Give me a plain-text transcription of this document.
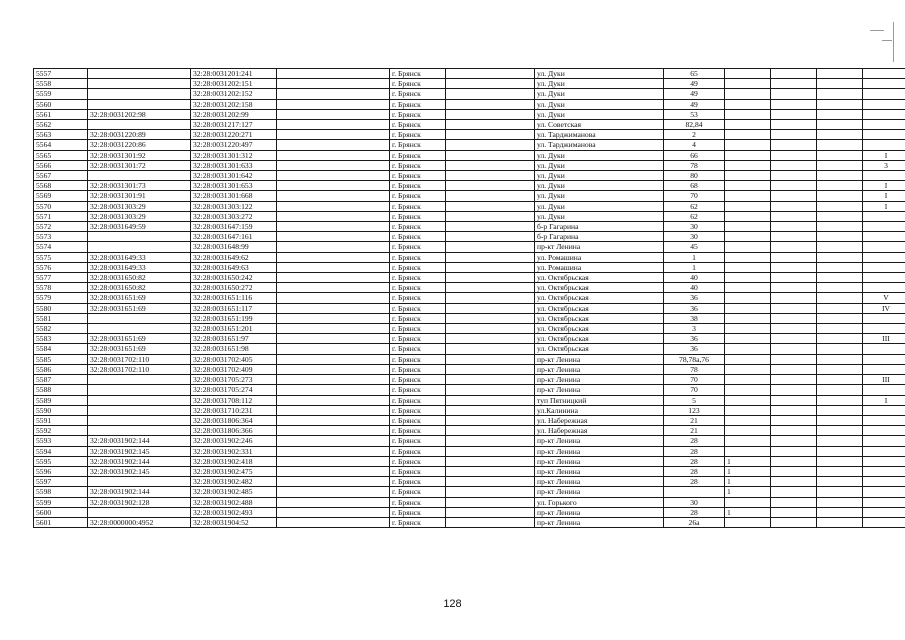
5557		32:28:0031201:241		г. Брянск		ул. Дуки	65				
5558		32:28:0031202:151		г. Брянск		ул. Дуки	49				
5559		32:28:0031202:152		г. Брянск		ул. Дуки	49				
5560		32:28:0031202:158		г. Брянск		ул. Дуки	49				
5561	32:28:0031202:98	32:28:0031202:99		г. Брянск		ул. Дуки	53				
5562		32:28:0031217:127		г. Брянск		ул. Советская	82,84				
5563	32:28:0031220:89	32:28:0031220:271		г. Брянск		ул. Тарджиманова	2				
5564	32:28:0031220:86	32:28:0031220:497		г. Брянск		ул. Тарджиманова	4				
5565	32:28:0031301:92	32:28:0031301:312		г. Брянск		ул. Дуки	66				I
5566	32:28:0031301:72	32:28:0031301:633		г. Брянск		ул. Дуки	78				3
5567		32:28:0031301:642		г. Брянск		ул. Дуки	80				
5568	32:28:0031301:73	32:28:0031301:653		г. Брянск		ул. Дуки	68				I
5569	32:28:0031301:91	32:28:0031301:668		г. Брянск		ул. Дуки	70				I
5570	32:28:0031303:29	32:28:0031303:122		г. Брянск		ул. Дуки	62				I
5571	32:28:0031303:29	32:28:0031303:272		г. Брянск		ул. Дуки	62				
5572	32:28:0031649:59	32:28:0031647:159		г. Брянск		б-р Гагарина	30				
5573		32:28:0031647:161		г. Брянск		б-р Гагарина	30				
5574		32:28:0031648:99		г. Брянск		пр-кт Ленина	45				
5575	32:28:0031649:33	32:28:0031649:62		г. Брянск		ул. Ромашина	1				
5576	32:28:0031649:33	32:28:0031649:63		г. Брянск		ул. Ромашина	1				
5577	32:28:0031650:82	32:28:0031650:242		г. Брянск		ул. Октябрьская	40				
5578	32:28:0031650:82	32:28:0031650:272		г. Брянск		ул. Октябрьская	40				
5579	32:28:0031651:69	32:28:0031651:116		г. Брянск		ул. Октябрьская	36				V
5580	32:28:0031651:69	32:28:0031651:117		г. Брянск		ул. Октябрьская	36				IV
5581		32:28:0031651:199		г. Брянск		ул. Октябрьская	38				
5582		32:28:0031651:201		г. Брянск		ул. Октябрьская	3				
5583	32:28:0031651:69	32:28:0031651:97		г. Брянск		ул. Октябрьская	36				III
5584	32:28:0031651:69	32:28:0031651:98		г. Брянск		ул. Октябрьская	36				
5585	32:28:0031702:110	32:28:0031702:405		г. Брянск		пр-кт Ленина	78,78а,76				
5586	32:28:0031702:110	32:28:0031702:409		г. Брянск		пр-кт Ленина	78				
5587		32:28:0031705:273		г. Брянск		пр-кт Ленина	70				III
5588		32:28:0031705:274		г. Брянск		пр-кт Ленина	70				
5589		32:28:0031708:112		г. Брянск		туп Пятницкий	5				I
5590		32:28:0031710:231		г. Брянск		ул.Калинина	123				
5591		32:28:0031806:364		г. Брянск		ул. Набережная	21				
5592		32:28:0031806:366		г. Брянск		ул. Набережная	21				
5593	32:28:0031902:144	32:28:0031902:246		г. Брянск		пр-кт Ленина	28				
5594	32:28:0031902:145	32:28:0031902:331		г. Брянск		пр-кт Ленина	28				
5595	32:28:0031902:144	32:28:0031902:418		г. Брянск		пр-кт Ленина	28	1			
5596	32:28:0031902:145	32:28:0031902:475		г. Брянск		пр-кт Ленина	28	1			
5597		32:28:0031902:482		г. Брянск		пр-кт Ленина	28	1			
5598	32:28:0031902:144	32:28:0031902:485		г. Брянск		пр-кт Ленина		1			
5599	32:28:0031902:128	32:28:0031902:488		г. Брянск		ул. Горького	30				
5600		32:28:0031902:493		г. Брянск		пр-кт Ленина	28	1			
5601	32:28:0000000:4952	32:28:0031904:52		г. Брянск		пр-кт Ленина	26а				
128
